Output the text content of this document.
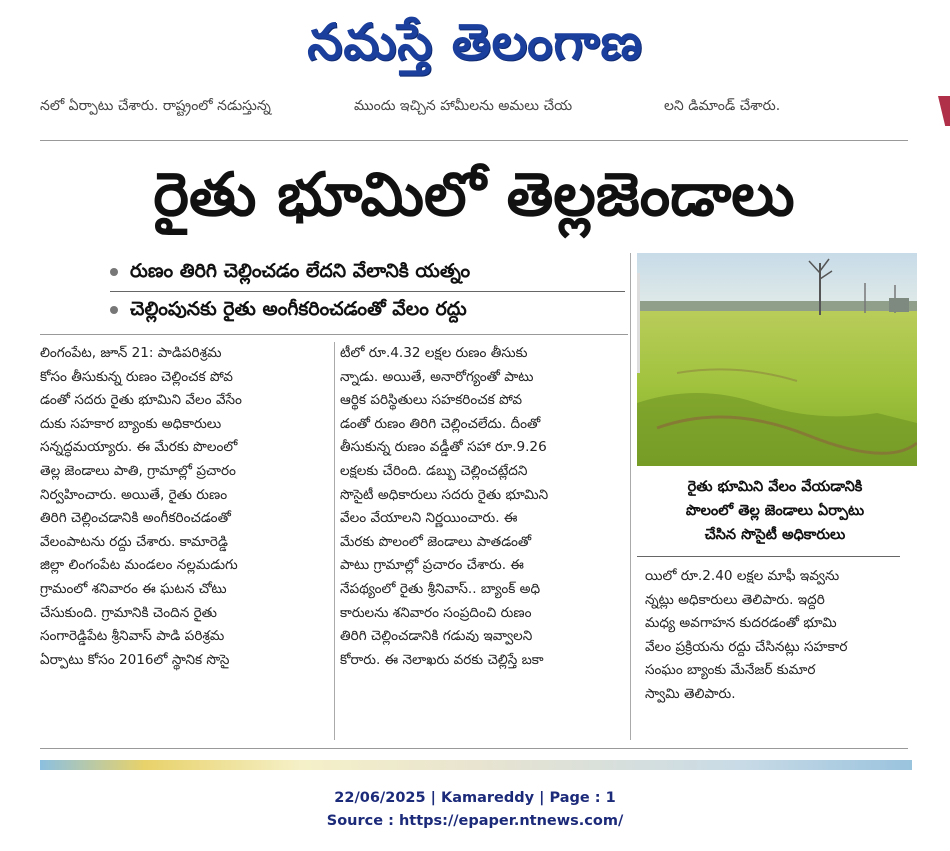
నమస్తే తెలంగాణ
నలో ఏర్పాటు చేశారు. రాష్ట్రంలో నడుస్తున్న	ముందు ఇచ్చిన హామీలను అమలు చేయ	లని డిమాండ్ చేశారు.
రైతు భూమిలో తెల్లజెండాలు
రుణం తిరిగి చెల్లించడం లేదని వేలానికి యత్నం
చెల్లింపునకు రైతు అంగీకరించడంతో వేలం రద్దు
లింగంపేట, జూన్ 21: పాడిపరిశ్రమ
కోసం తీసుకున్న రుణం చెల్లించక పోవ
డంతో సదరు రైతు భూమిని వేలం వేసేం
దుకు సహకార బ్యాంకు అధికారులు
సన్నద్ధమయ్యారు. ఈ మేరకు పొలంలో
తెల్ల జెండాలు పాతి, గ్రామాల్లో ప్రచారం
నిర్వహించారు. అయితే, రైతు రుణం
తిరిగి చెల్లించడానికి అంగీకరించడంతో
వేలంపాటను రద్దు చేశారు. కామారెడ్డి
జిల్లా లింగంపేట మండలం నల్లమడుగు
గ్రామంలో శనివారం ఈ ఘటన చోటు
చేసుకుంది. గ్రామానికి చెందిన రైతు
సంగారెడ్డిపేట శ్రీనివాస్ పాడి పరిశ్రమ
ఏర్పాటు కోసం 2016లో స్థానిక సొసై
టీలో రూ.4.32 లక్షల రుణం తీసుకు
న్నాడు. అయితే, అనారోగ్యంతో పాటు
ఆర్థిక పరిస్థితులు సహకరించక పోవ
డంతో రుణం తిరిగి చెల్లించలేదు. దీంతో
తీసుకున్న రుణం వడ్డీతో సహా రూ.9.26
లక్షలకు చేరింది. డబ్బు చెల్లించట్లేదని
సొసైటీ అధికారులు సదరు రైతు భూమిని
వేలం వేయాలని నిర్ణయించారు. ఈ
మేరకు పొలంలో జెండాలు పాతడంతో
పాటు గ్రామాల్లో ప్రచారం చేశారు. ఈ
నేపథ్యంలో రైతు శ్రీనివాస్.. బ్యాంక్ అధి
కారులను శనివారం సంప్రదించి రుణం
తిరిగి చెల్లించడానికి గడువు ఇవ్వాలని
కోరారు. ఈ నెలాఖరు వరకు చెల్లిస్తే బకా
రైతు భూమిని వేలం వేయడానికి
పొలంలో తెల్ల జెండాలు ఏర్పాటు
చేసిన సొసైటీ అధికారులు
యిలో రూ.2.40 లక్షల మాఫీ ఇవ్వను
న్నట్లు అధికారులు తెలిపారు. ఇద్దరి
మధ్య అవగాహన కుదరడంతో భూమి
వేలం ప్రక్రియను రద్దు చేసినట్లు సహకార
సంఘం బ్యాంకు మేనేజర్ కుమార
స్వామి తెలిపారు.
22/06/2025 | Kamareddy | Page : 1
Source : https://epaper.ntnews.com/
